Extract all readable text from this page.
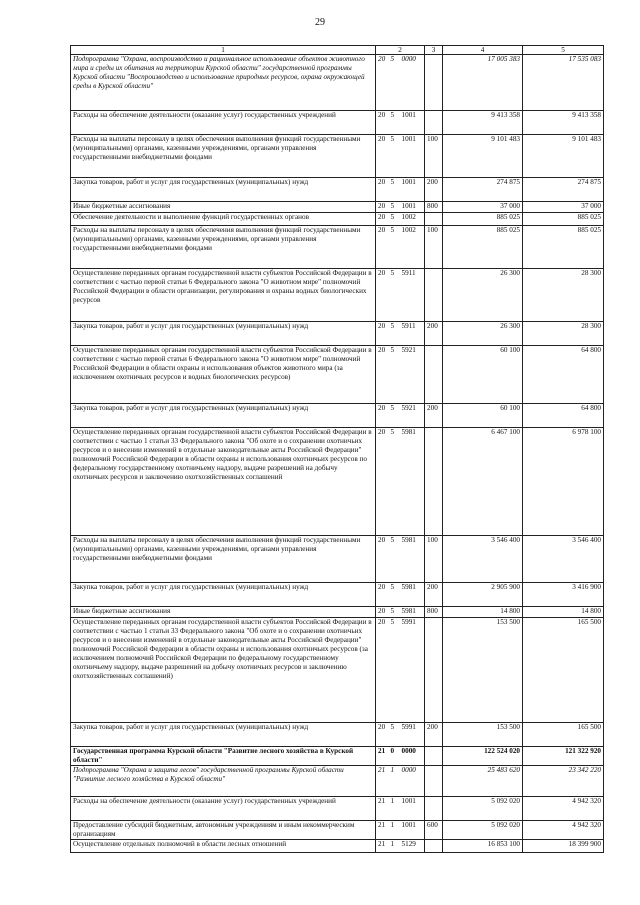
29
1	2			3	4	5
Подпрограмма "Охрана, воспроизводство и рациональное использование объектов животного мира и среды их обитания на территории Курской области" государственной программы Курской области "Воспроизводство и использование природных ресурсов, охрана окружающей среды в Курской области"	20	5	0000		17 005 383	17 535 083
Расходы на обеспечение деятельности (оказание услуг) государственных учреждений	20	5	1001		9 413 358	9 413 358
Расходы на выплаты персоналу в целях обеспечения выполнения функций государственными (муниципальными) органами, казенными учреждениями, органами управления государственными внебюджетными фондами	20	5	1001	100	9 101 483	9 101 483
Закупка товаров, работ и услуг для государственных (муниципальных) нужд	20	5	1001	200	274 875	274 875
Иные бюджетные ассигнования	20	5	1001	800	37 000	37 000
Обеспечение деятельности и выполнение функций государственных органов	20	5	1002		885 025	885 025
Расходы на выплаты персоналу в целях обеспечения выполнения функций государственными (муниципальными) органами, казенными учреждениями, органами управления государственными внебюджетными фондами	20	5	1002	100	885 025	885 025
Осуществление переданных органам государственной власти субъектов Российской Федерации в соответствии с частью первой статьи 6 Федерального закона "О животном мире" полномочий Российской Федерации в области организации, регулирования и охраны водных биологических ресурсов	20	5	5911		26 300	28 300
Закупка товаров, работ и услуг для государственных (муниципальных) нужд	20	5	5911	200	26 300	28 300
Осуществление переданных органам государственной власти субъектов Российской Федерации в соответствии с частью первой статьи 6 Федерального закона "О животном мире" полномочий Российской Федерации в области охраны и использования объектов животного мира (за исключением охотничьих ресурсов и водных биологических ресурсов)	20	5	5921		60 100	64 800
Закупка товаров, работ и услуг для государственных (муниципальных) нужд	20	5	5921	200	60 100	64 800
Осуществление переданных органам государственной власти субъектов Российской Федерации в соответствии с частью 1 статьи 33 Федерального закона "Об охоте и о сохранении охотничьих ресурсов и о внесении изменений в отдельные законодательные акты Российской Федерации" полномочий Российской Федерации в области охраны и использования охотничьих ресурсов по федеральному государственному охотничьему надзору, выдаче разрешений на добычу охотничьих ресурсов и заключению охотхозяйственных соглашений	20	5	5981		6 467 100	6 978 100
Расходы на выплаты персоналу в целях обеспечения выполнения функций государственными (муниципальными) органами, казенными учреждениями, органами управления государственными внебюджетными фондами	20	5	5981	100	3 546 400	3 546 400
Закупка товаров, работ и услуг для государственных (муниципальных) нужд	20	5	5981	200	2 905 900	3 416 900
Иные бюджетные ассигнования	20	5	5981	800	14 800	14 800
Осуществление переданных органам государственной власти субъектов Российской Федерации в соответствии с частью 1 статьи 33 Федерального закона "Об охоте и о сохранении охотничьих ресурсов и о внесении изменений в отдельные законодательные акты Российской Федерации" полномочий Российской Федерации в области охраны и использования охотничьих ресурсов (за исключением полномочий Российской Федерации по федеральному государственному охотничьему надзору, выдаче разрешений на добычу охотничьих ресурсов и заключению охотхозяйственных соглашений)	20	5	5991		153 500	165 500
Закупка товаров, работ и услуг для государственных (муниципальных) нужд	20	5	5991	200	153 500	165 500
Государственная программа Курской области "Развитие лесного хозяйства в Курской области"	21	0	0000		122 524 020	121 322 920
Подпрограмма "Охрана и защита лесов" государственной программы Курской области "Развитие лесного хозяйства в Курской области"	21	1	0000		25 483 620	23 342 220
Расходы на обеспечение деятельности (оказание услуг) государственных учреждений	21	1	1001		5 092 020	4 942 320
Предоставление субсидий бюджетным, автономным учреждениям и иным некоммерческим организациям	21	1	1001	600	5 092 020	4 942 320
Осуществление отдельных полномочий в области лесных отношений	21	1	5129		16 853 100	18 399 900
